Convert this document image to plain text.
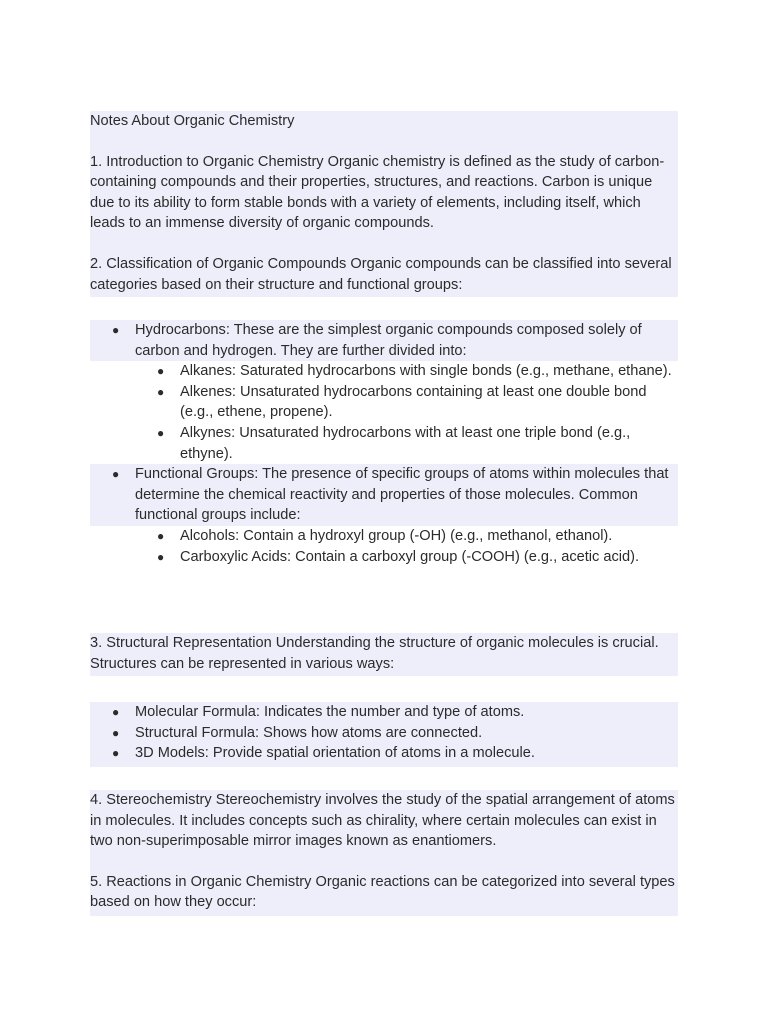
Notes About Organic Chemistry

1. Introduction to Organic Chemistry Organic chemistry is defined as the study of carbon-containing compounds and their properties, structures, and reactions. Carbon is unique due to its ability to form stable bonds with a variety of elements, including itself, which leads to an immense diversity of organic compounds.

2. Classification of Organic Compounds Organic compounds can be classified into several categories based on their structure and functional groups:

● Hydrocarbons: These are the simplest organic compounds composed solely of carbon and hydrogen. They are further divided into:
● Alkanes: Saturated hydrocarbons with single bonds (e.g., methane, ethane).
● Alkenes: Unsaturated hydrocarbons containing at least one double bond (e.g., ethene, propene).
● Alkynes: Unsaturated hydrocarbons with at least one triple bond (e.g., ethyne).
● Functional Groups: The presence of specific groups of atoms within molecules that determine the chemical reactivity and properties of those molecules. Common functional groups include:
● Alcohols: Contain a hydroxyl group (-OH) (e.g., methanol, ethanol).
● Carboxylic Acids: Contain a carboxyl group (-COOH) (e.g., acetic acid).

3. Structural Representation Understanding the structure of organic molecules is crucial. Structures can be represented in various ways:

● Molecular Formula: Indicates the number and type of atoms.
● Structural Formula: Shows how atoms are connected.
● 3D Models: Provide spatial orientation of atoms in a molecule.

4. Stereochemistry Stereochemistry involves the study of the spatial arrangement of atoms in molecules. It includes concepts such as chirality, where certain molecules can exist in two non-superimposable mirror images known as enantiomers.

5. Reactions in Organic Chemistry Organic reactions can be categorized into several types based on how they occur:
